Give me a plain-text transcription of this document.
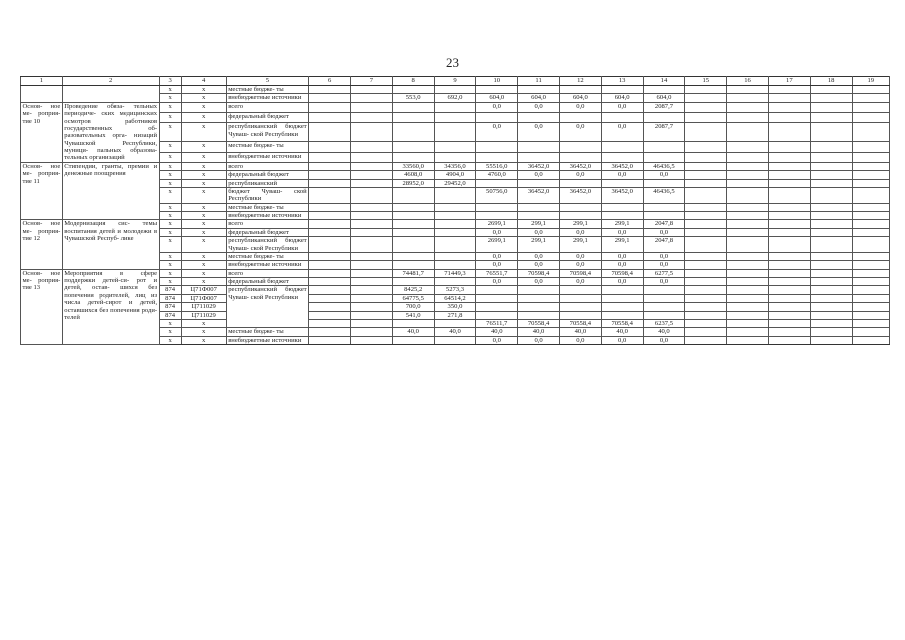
23
1	2	3	4	5	6	7	8	9	10	11	12	13	14	15	16	17	18	19
		х	х	местные бюдже- ты														
		х	х	внебюджетные источники			553,0	692,0	604,0	604,0	604,0	604,0	604,0					
Основ- ное ме- роприя- тие 10	Проведение обяза- тельных периодиче- ских медицинских осмотров работников государственных об- разовательных орга- низаций Чувашской Республики, муници- пальных образова- тельных организаций	х	х	всего					0,0	0,0	0,0	0,0	2087,7					
		х	х	федеральный бюджет														
		х	х	республиканский бюджет Чуваш- ской Республики					0,0	0,0	0,0	0,0	2087,7					
		х	х	местные бюдже- ты														
		х	х	внебюджетные источники														
Основ- ное ме- роприя- тие 11	Стипендии, гранты, премии и денежные поощрения	х	х	всего			33560,0	34356,0	55516,0	36452,0	36452,0	36452,0	46436,5					
		х	х	федеральный бюджет			4608,0	4904,0	4760,0	0,0	0,0	0,0	0,0					
		х	х	республиканский			28952,0	29452,0										
		х	х	бюджет Чуваш- ской Республики					50756,0	36452,0	36452,0	36452,0	46436,5					
		х	х	местные бюдже- ты														
		х	х	внебюджетные источники														
Основ- ное ме- роприя- тие 12	Модернизация сис- темы воспитания детей и молодежи в Чувашской Респуб- лике	х	х	всего					2699,1	299,1	299,1	299,1	2047,8					
		х	х	федеральный бюджет					0,0	0,0	0,0	0,0	0,0					
		х	х	республиканский бюджет Чуваш- ской Республики					2699,1	299,1	299,1	299,1	2047,8					
		х	х	местные бюдже- ты					0,0	0,0	0,0	0,0	0,0					
		х	х	внебюджетные источники					0,0	0,0	0,0	0,0	0,0					
Основ- ное ме- роприя- тие 13	Мероприятия в сфере поддержки детей-си- рот и детей, остав- шихся без попечения родителей, лиц из числа детей-сирот и детей, оставшихся без попечения роди- телей	х	х	всего			74481,7	71449,3	76551,7	70598,4	70598,4	70598,4	6277,5					
		х	х	федеральный бюджет					0,0	0,0	0,0	0,0	0,0					
		874	Ц71Ф007	республиканский бюджет Чуваш- ской Республики			8425,2	5273,3										
		874	Ц71Ф007				64775,5	64514,2										
		874	Ц711029				700,0	350,0										
		874	Ц711029				541,0	271,8										
		х	х						76511,7	70558,4	70558,4	70558,4	6237,5					
		х	х	местные бюдже- ты			40,0	40,0	40,0	40,0	40,0	40,0	40,0					
		х	х	внебюджетные источники					0,0	0,0	0,0	0,0	0,0					
